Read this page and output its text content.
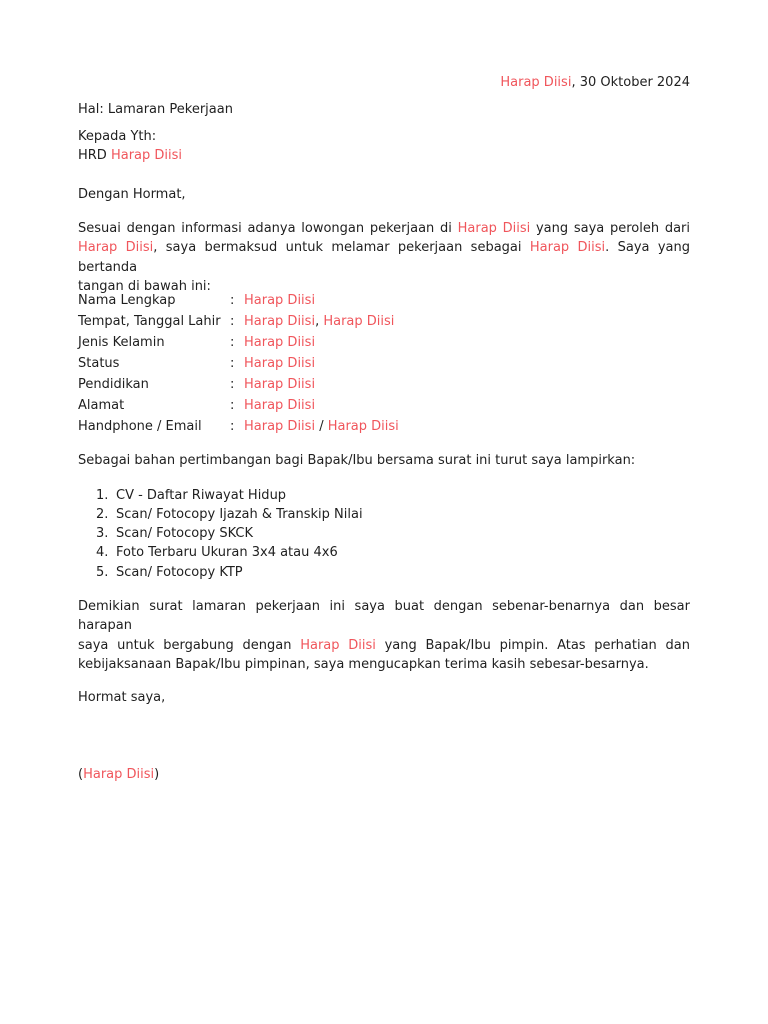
Harap Diisi, 30 Oktober 2024
Hal: Lamaran Pekerjaan
Kepada Yth:
HRD Harap Diisi
Dengan Hormat,
Sesuai dengan informasi adanya lowongan pekerjaan di Harap Diisi yang saya peroleh dari
Harap Diisi, saya bermaksud untuk melamar pekerjaan sebagai Harap Diisi. Saya yang bertanda
tangan di bawah ini:
Nama Lengkap	: Harap Diisi
Tempat, Tanggal Lahir : Harap Diisi, Harap Diisi
Jenis Kelamin	: Harap Diisi
Status	: Harap Diisi
Pendidikan	: Harap Diisi
Alamat	: Harap Diisi
Handphone / Email : Harap Diisi / Harap Diisi
Sebagai bahan pertimbangan bagi Bapak/Ibu bersama surat ini turut saya lampirkan:
1. CV - Daftar Riwayat Hidup
2. Scan/ Fotocopy Ijazah & Transkip Nilai
3. Scan/ Fotocopy SKCK
4. Foto Terbaru Ukuran 3x4 atau 4x6
5. Scan/ Fotocopy KTP
Demikian surat lamaran pekerjaan ini saya buat dengan sebenar-benarnya dan besar harapan
saya untuk bergabung dengan Harap Diisi yang Bapak/Ibu pimpin. Atas perhatian dan
kebijaksanaan Bapak/Ibu pimpinan, saya mengucapkan terima kasih sebesar-besarnya.
Hormat saya,
(Harap Diisi)
